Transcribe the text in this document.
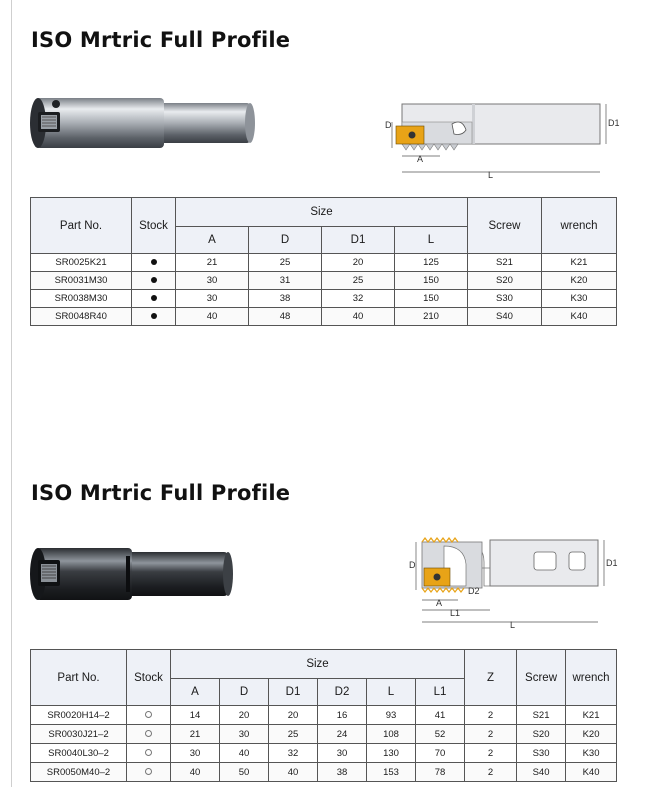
ISO Mrtric Full Profile
D	D1
A
L
Part No.	Stock	Size				Screw	wrench
		A	D	D1	L		
SR0025K21		21	25	20	125	S21	K21
SR0031M30		30	31	25	150	S20	K20
SR0038M30		30	38	32	150	S30	K30
SR0048R40		40	48	40	210	S40	K40
ISO Mrtric Full Profile
D	D1
D2
A
L1
L
Part No.	Stock	Size						Z	Screw	wrench
		A	D	D1	D2	L	L1			
SR0020H14–2		14	20	20	16	93	41	2	S21	K21
SR0030J21–2		21	30	25	24	108	52	2	S20	K20
SR0040L30–2		30	40	32	30	130	70	2	S30	K30
SR0050M40–2		40	50	40	38	153	78	2	S40	K40
